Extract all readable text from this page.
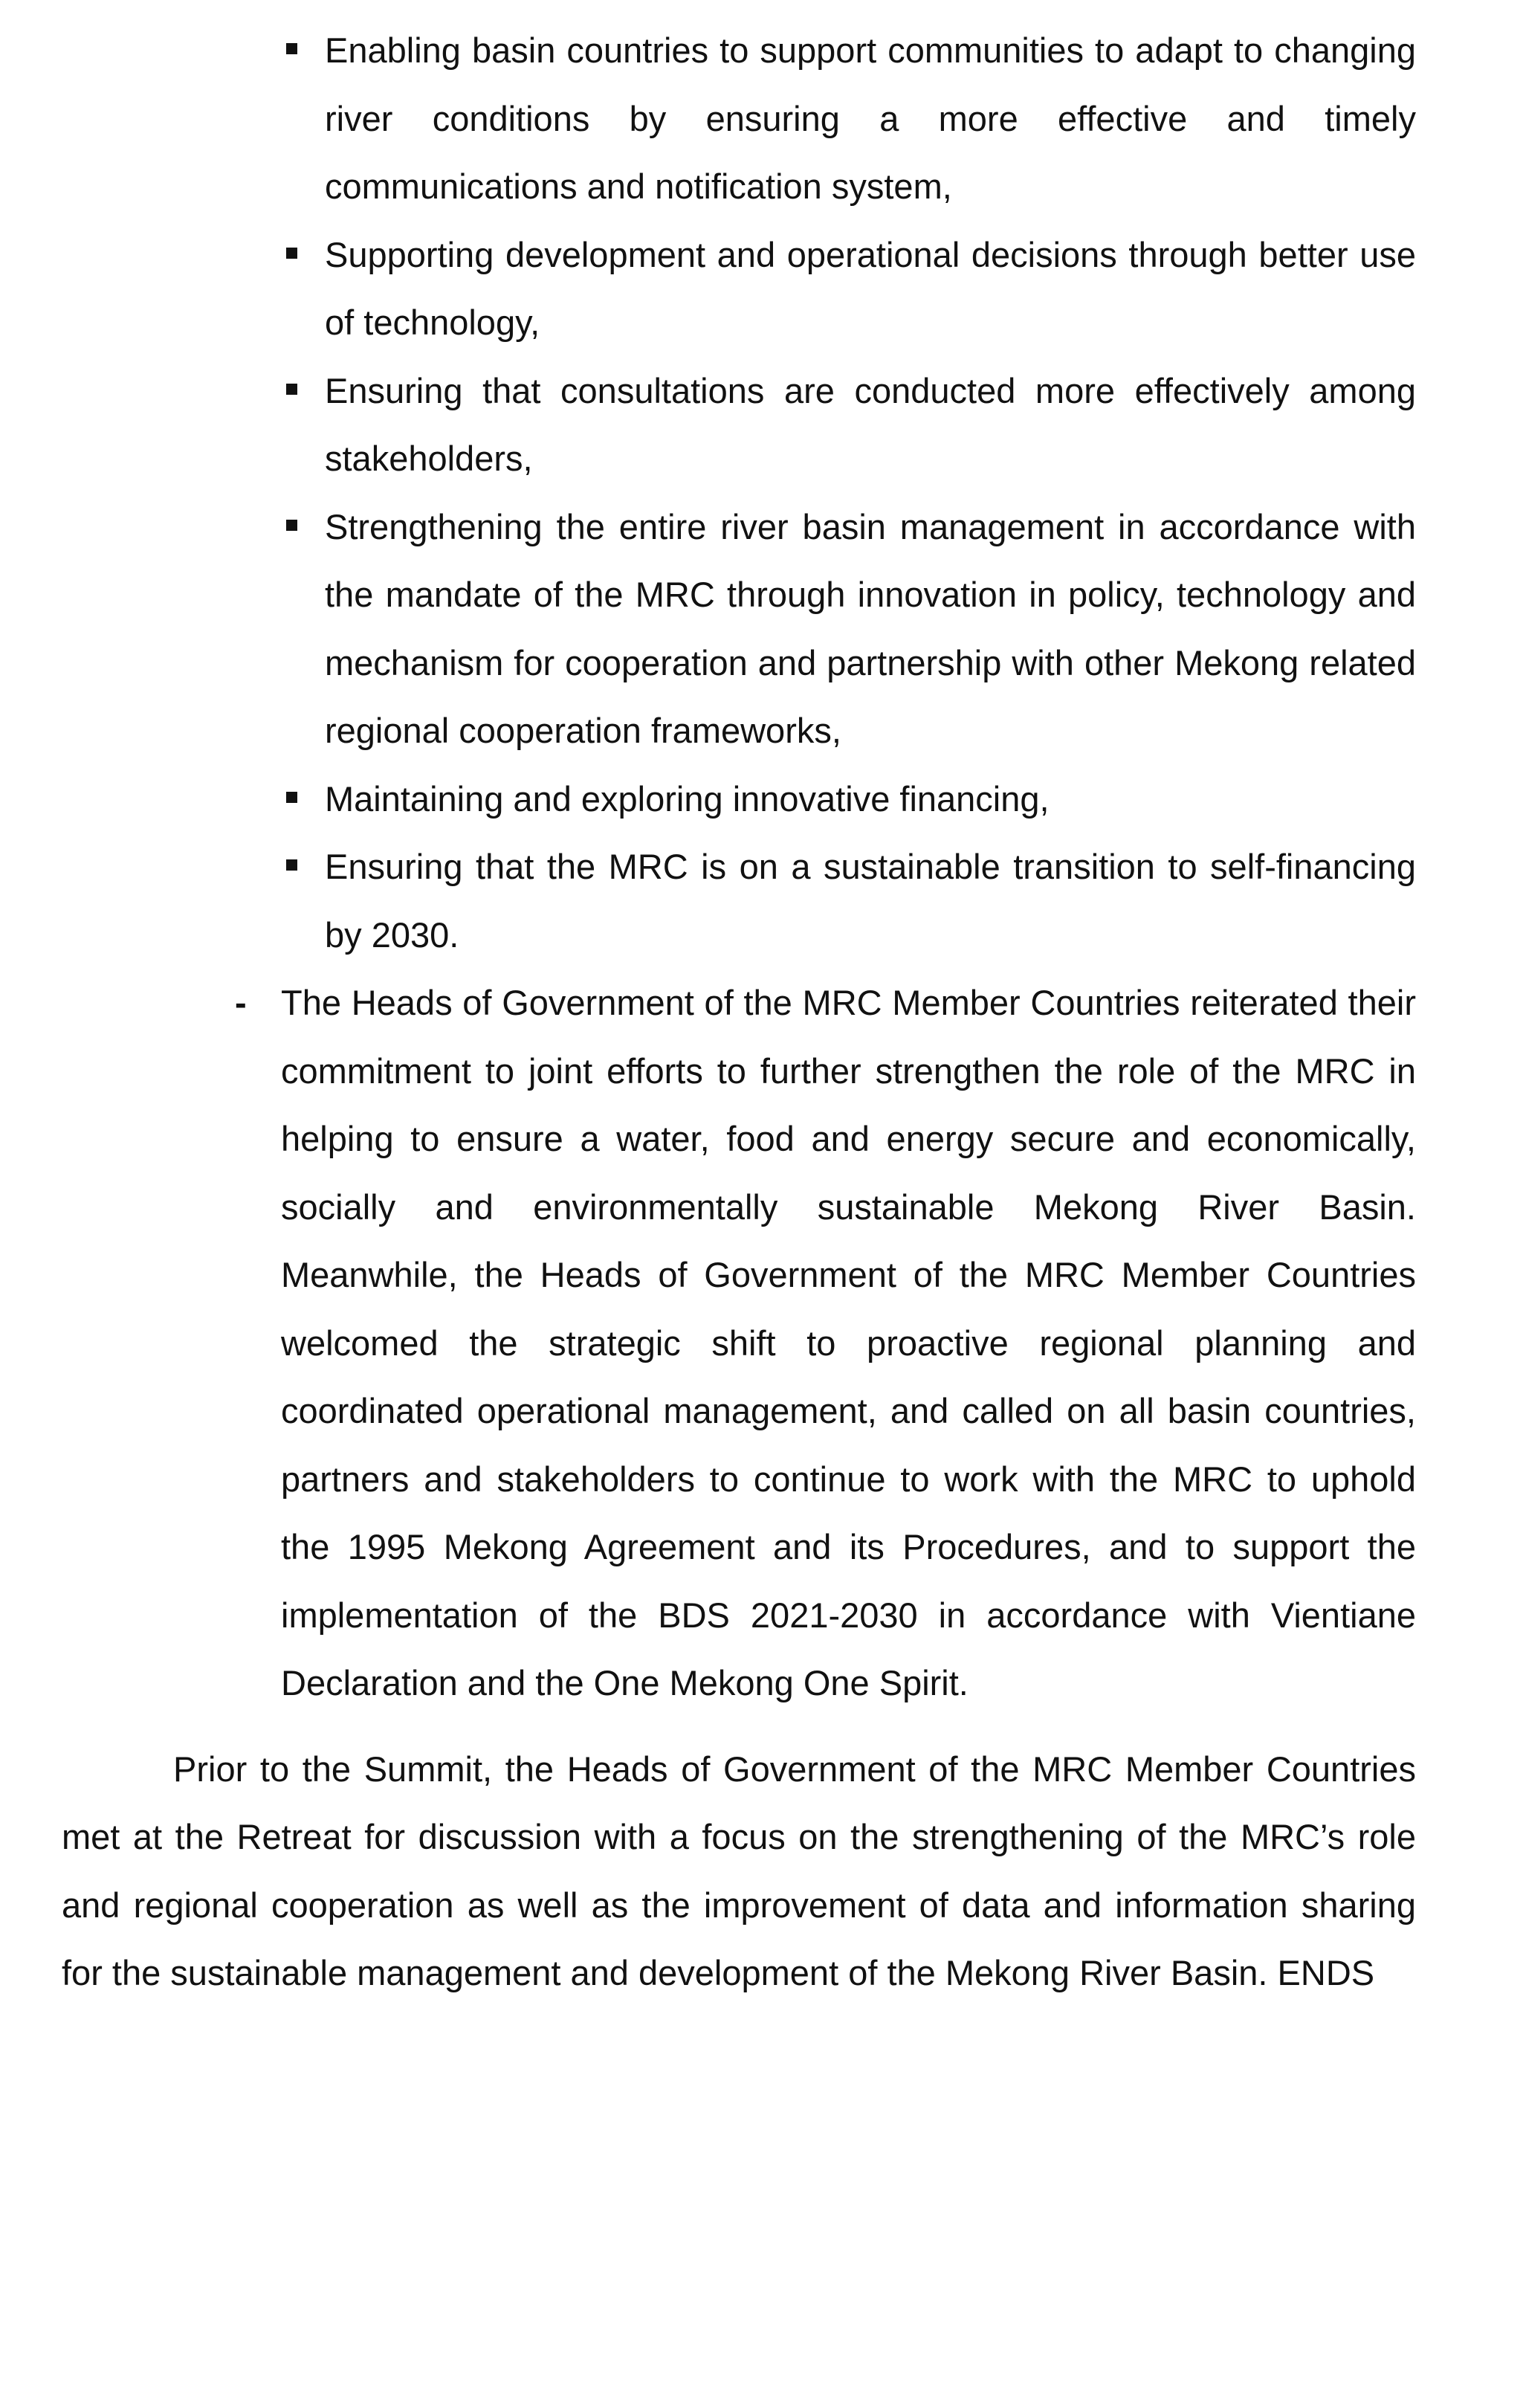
Enabling basin countries to support communities to adapt to changing river conditions by ensuring a more effective and timely communications and notification system,
Supporting development and operational decisions through better use of technology,
Ensuring that consultations are conducted more effectively among stakeholders,
Strengthening the entire river basin management in accordance with the mandate of the MRC through innovation in policy, technology and mechanism for cooperation and partnership with other Mekong related regional cooperation frameworks,
Maintaining and exploring innovative financing,
Ensuring that the MRC is on a sustainable transition to self-financing by 2030.
- The Heads of Government of the MRC Member Countries reiterated their commitment to joint efforts to further strengthen the role of the MRC in helping to ensure a water, food and energy secure and economically, socially and environmentally sustainable Mekong River Basin. Meanwhile, the Heads of Government of the MRC Member Countries welcomed the strategic shift to proactive regional planning and coordinated operational management, and called on all basin countries, partners and stakeholders to continue to work with the MRC to uphold the 1995 Mekong Agreement and its Procedures, and to support the implementation of the BDS 2021-2030 in accordance with Vientiane Declaration and the One Mekong One Spirit.

Prior to the Summit, the Heads of Government of the MRC Member Countries met at the Retreat for discussion with a focus on the strengthening of the MRC’s role and regional cooperation as well as the improvement of data and information sharing for the sustainable management and development of the Mekong River Basin. ENDS
